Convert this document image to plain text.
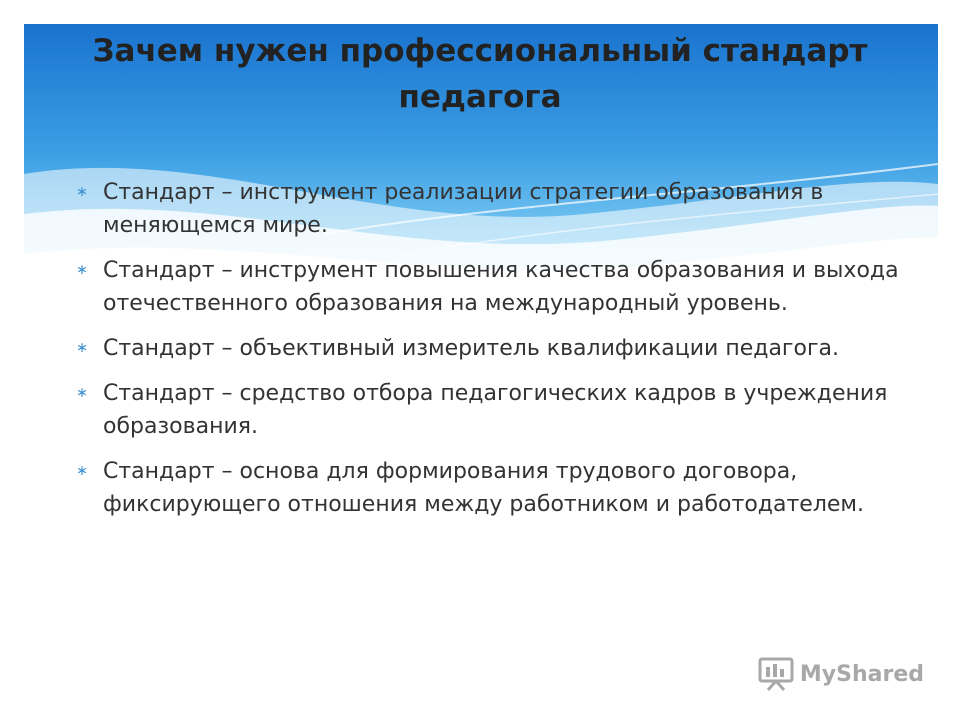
Зачем нужен профессиональный стандарт педагога
∗ Стандарт – инструмент реализации стратегии образования в меняющемся мире.
∗ Стандарт – инструмент повышения качества образования и выхода отечественного образования на международный уровень.
∗ Стандарт – объективный измеритель квалификации педагога.
∗ Стандарт – средство отбора педагогических кадров в учреждения образования.
∗ Стандарт – основа для формирования трудового договора, фиксирующего отношения между работником и работодателем.
My Shared
